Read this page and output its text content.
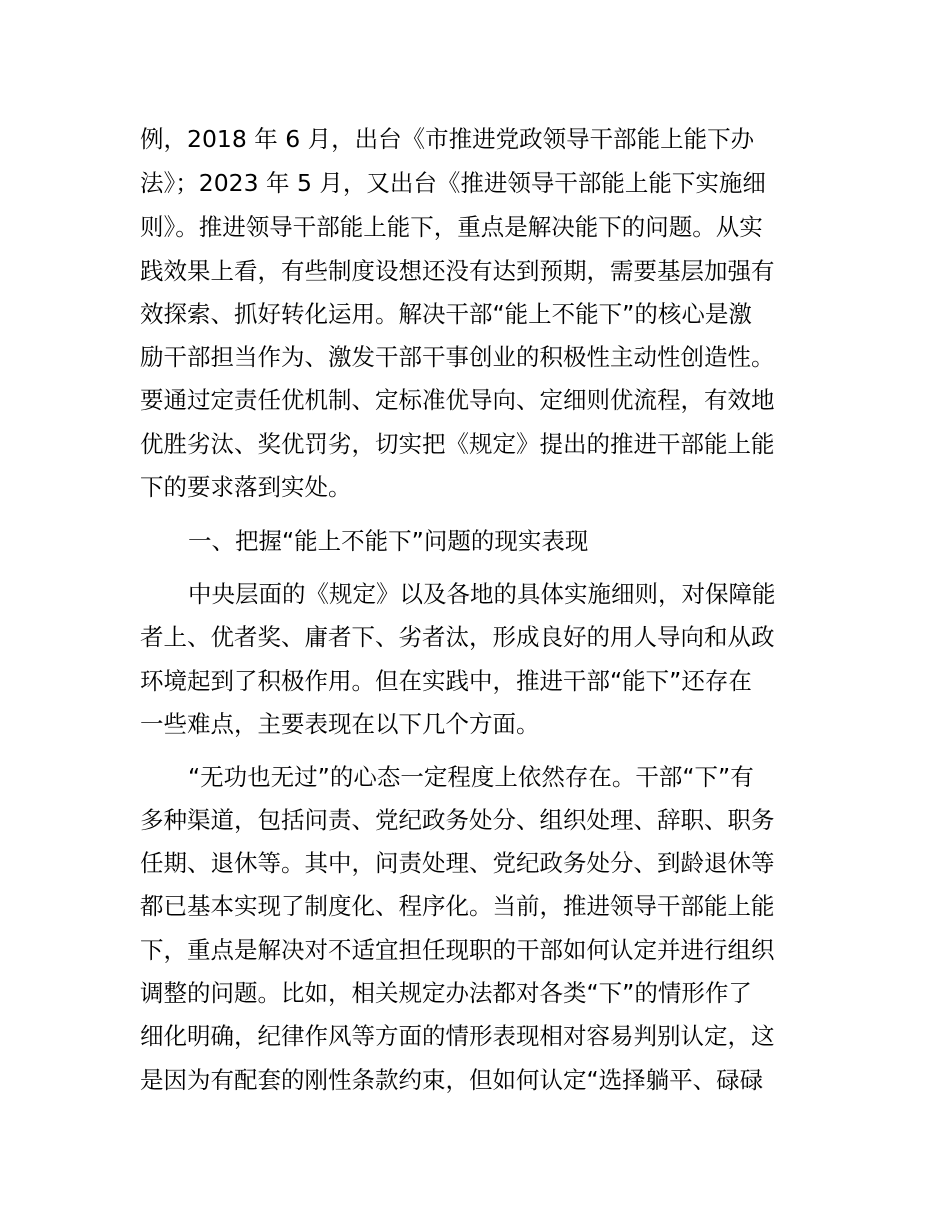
例，2018 年 6 月，出台《市推进党政领导干部能上能下办
法》；2023 年 5 月，又出台《推进领导干部能上能下实施细
则》。推进领导干部能上能下，重点是解决能下的问题。从实
践效果上看，有些制度设想还没有达到预期，需要基层加强有
效探索、抓好转化运用。解决干部“能上不能下”的核心是激
励干部担当作为、激发干部干事创业的积极性主动性创造性。
要通过定责任优机制、定标准优导向、定细则优流程，有效地
优胜劣汰、奖优罚劣，切实把《规定》提出的推进干部能上能
下的要求落到实处。
一、把握“能上不能下”问题的现实表现
中央层面的《规定》以及各地的具体实施细则，对保障能
者上、优者奖、庸者下、劣者汰，形成良好的用人导向和从政
环境起到了积极作用。但在实践中，推进干部“能下”还存在
一些难点，主要表现在以下几个方面。
“无功也无过”的心态一定程度上依然存在。干部“下”有
多种渠道，包括问责、党纪政务处分、组织处理、辞职、职务
任期、退休等。其中，问责处理、党纪政务处分、到龄退休等
都已基本实现了制度化、程序化。当前，推进领导干部能上能
下，重点是解决对不适宜担任现职的干部如何认定并进行组织
调整的问题。比如，相关规定办法都对各类“下”的情形作了
细化明确，纪律作风等方面的情形表现相对容易判别认定，这
是因为有配套的刚性条款约束，但如何认定“选择躺平、碌碌
